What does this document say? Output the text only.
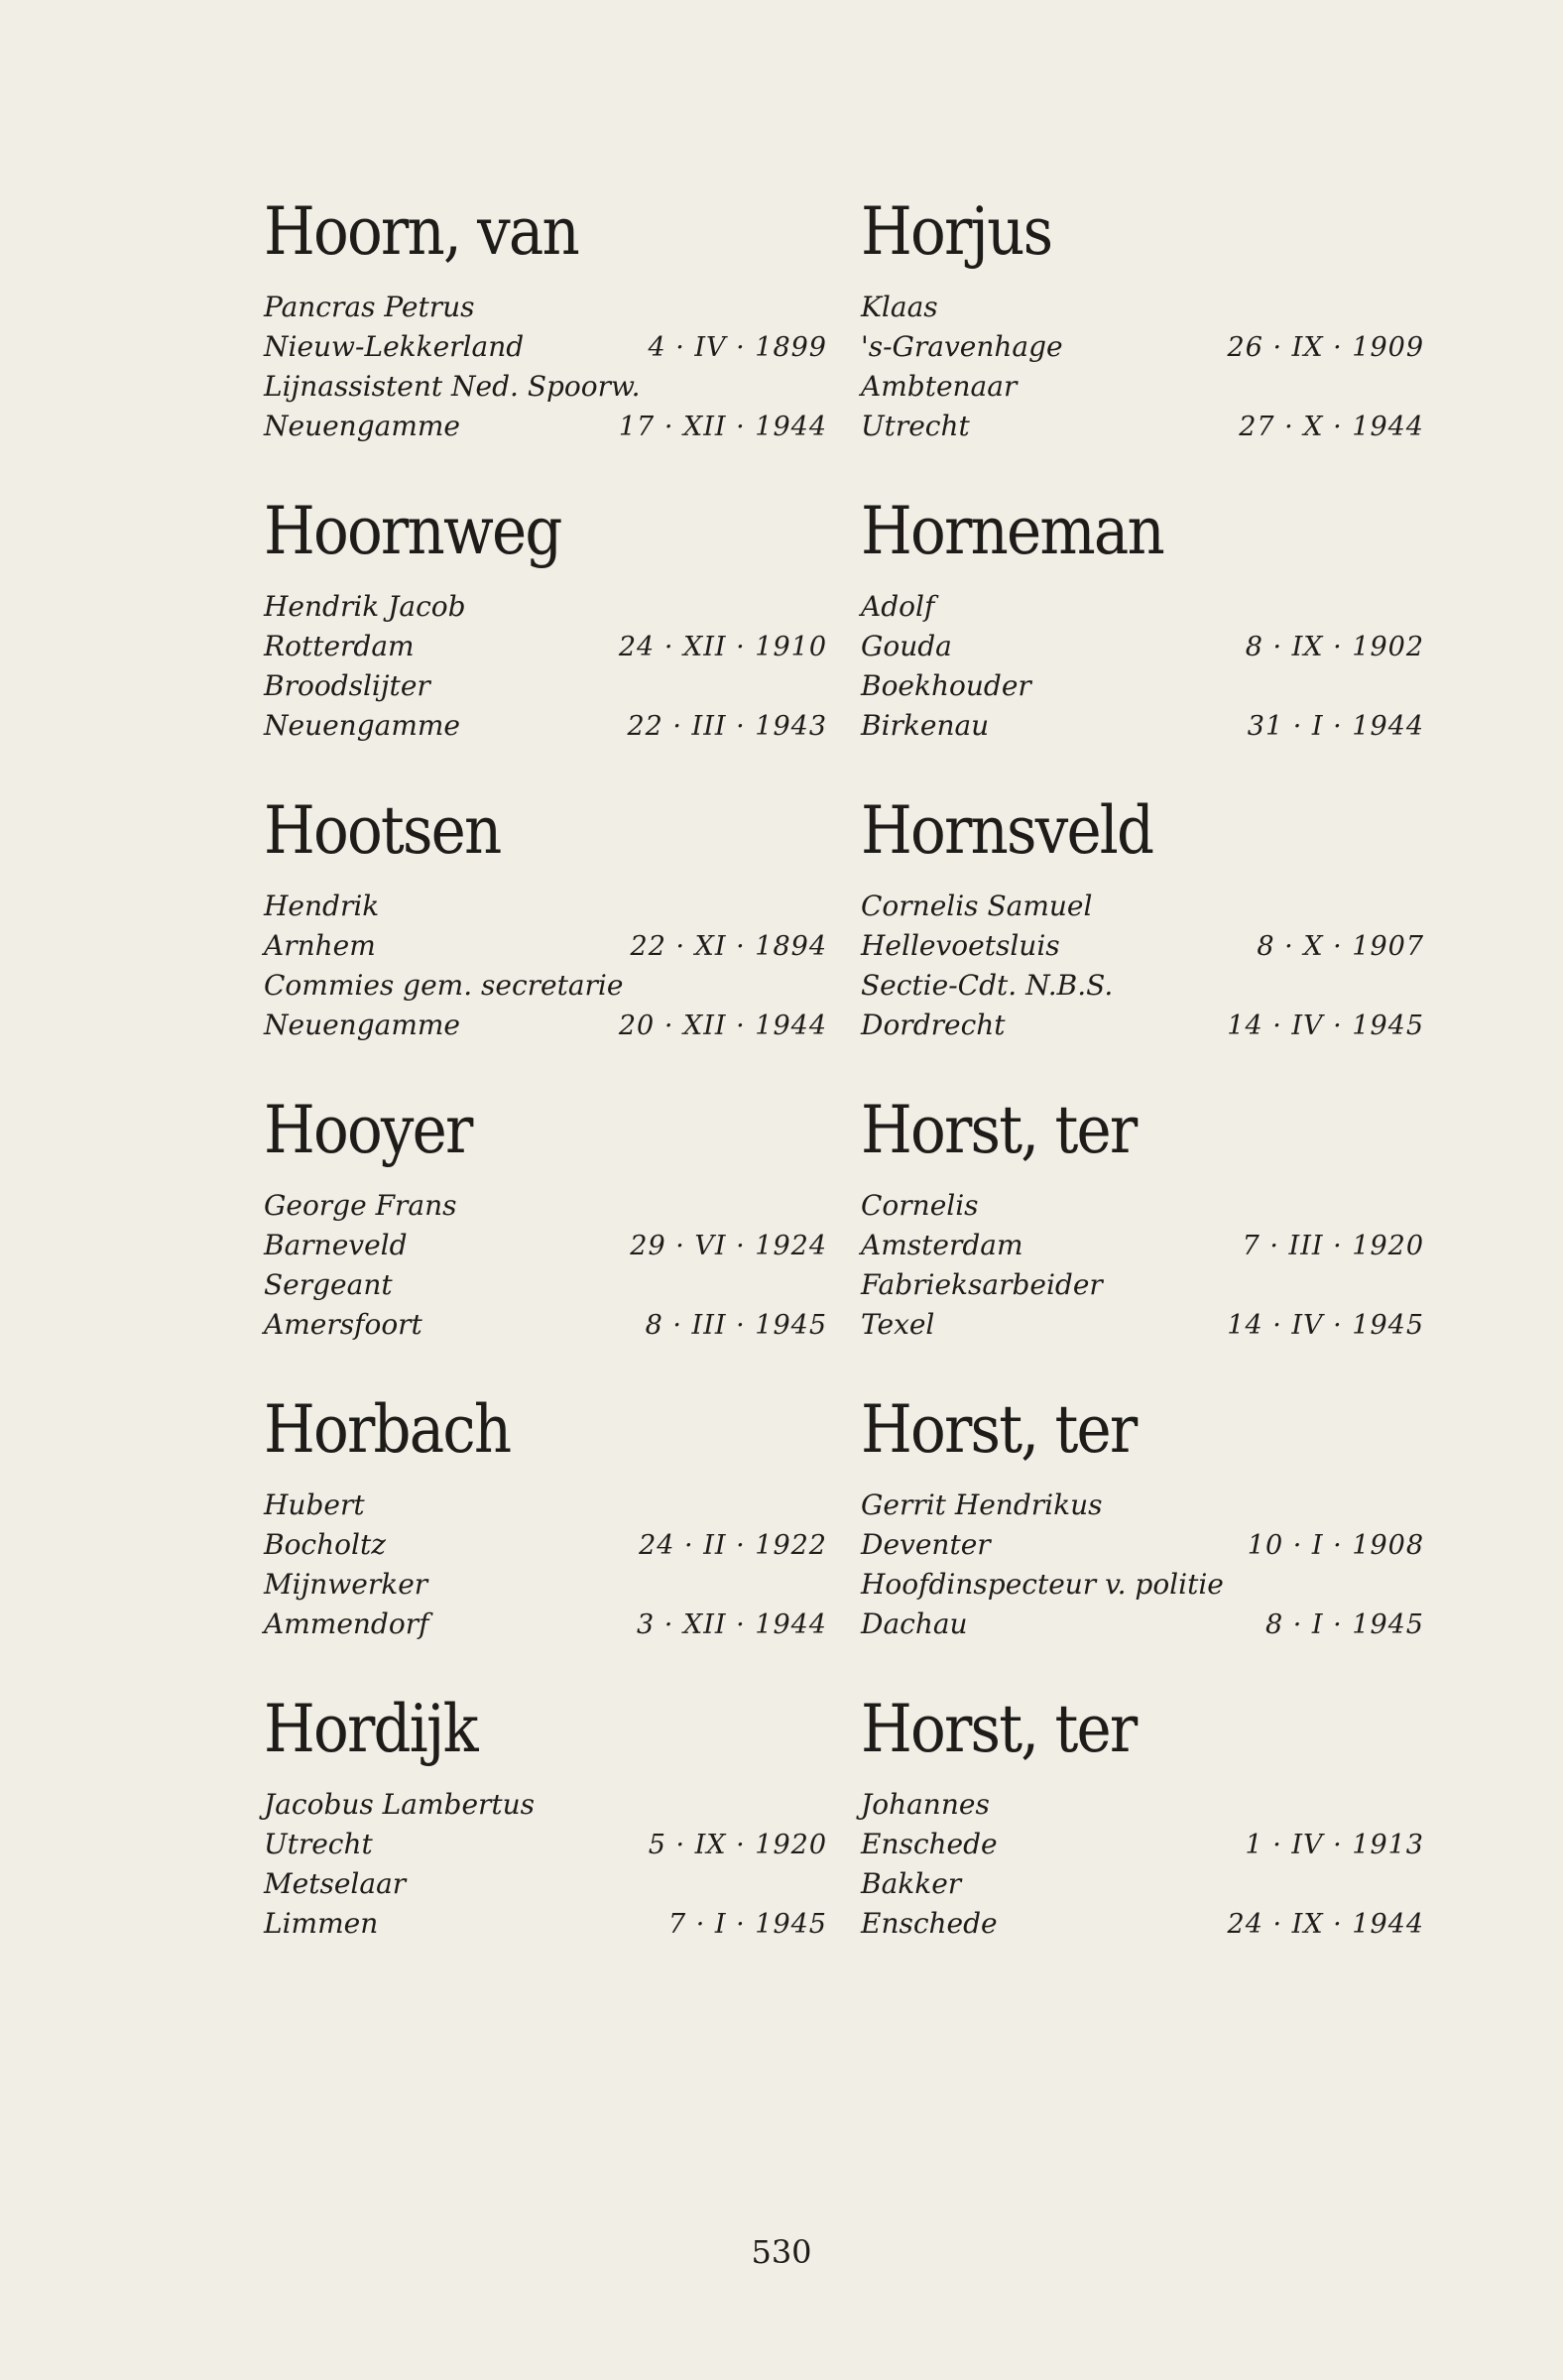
Hoorn, van
Pancras Petrus
Nieuw-Lekkerland	4 · IV · 1899
Lijnassistent Ned. Spoorw.
Neuengamme	17 · XII · 1944
Hoornweg
Hendrik Jacob
Rotterdam	24 · XII · 1910
Broodslijter
Neuengamme	22 · III · 1943
Hootsen
Hendrik
Arnhem	22 · XI · 1894
Commies gem. secretarie
Neuengamme	20 · XII · 1944
Hooyer
George Frans
Barneveld	29 · VI · 1924
Sergeant
Amersfoort	8 · III · 1945
Horbach
Hubert
Bocholtz	24 · II · 1922
Mijnwerker
Ammendorf	3 · XII · 1944
Hordijk
Jacobus Lambertus
Utrecht	5 · IX · 1920
Metselaar
Limmen	7 · I · 1945
Horjus
Klaas
's-Gravenhage	26 · IX · 1909
Ambtenaar
Utrecht	27 · X · 1944
Horneman
Adolf
Gouda	8 · IX · 1902
Boekhouder
Birkenau	31 · I · 1944
Hornsveld
Cornelis Samuel
Hellevoetsluis	8 · X · 1907
Sectie-Cdt. N.B.S.
Dordrecht	14 · IV · 1945
Horst, ter
Cornelis
Amsterdam	7 · III · 1920
Fabrieksarbeider
Texel	14 · IV · 1945
Horst, ter
Gerrit Hendrikus
Deventer	10 · I · 1908
Hoofdinspecteur v. politie
Dachau	8 · I · 1945
Horst, ter
Johannes
Enschede	1 · IV · 1913
Bakker
Enschede	24 · IX · 1944
530
